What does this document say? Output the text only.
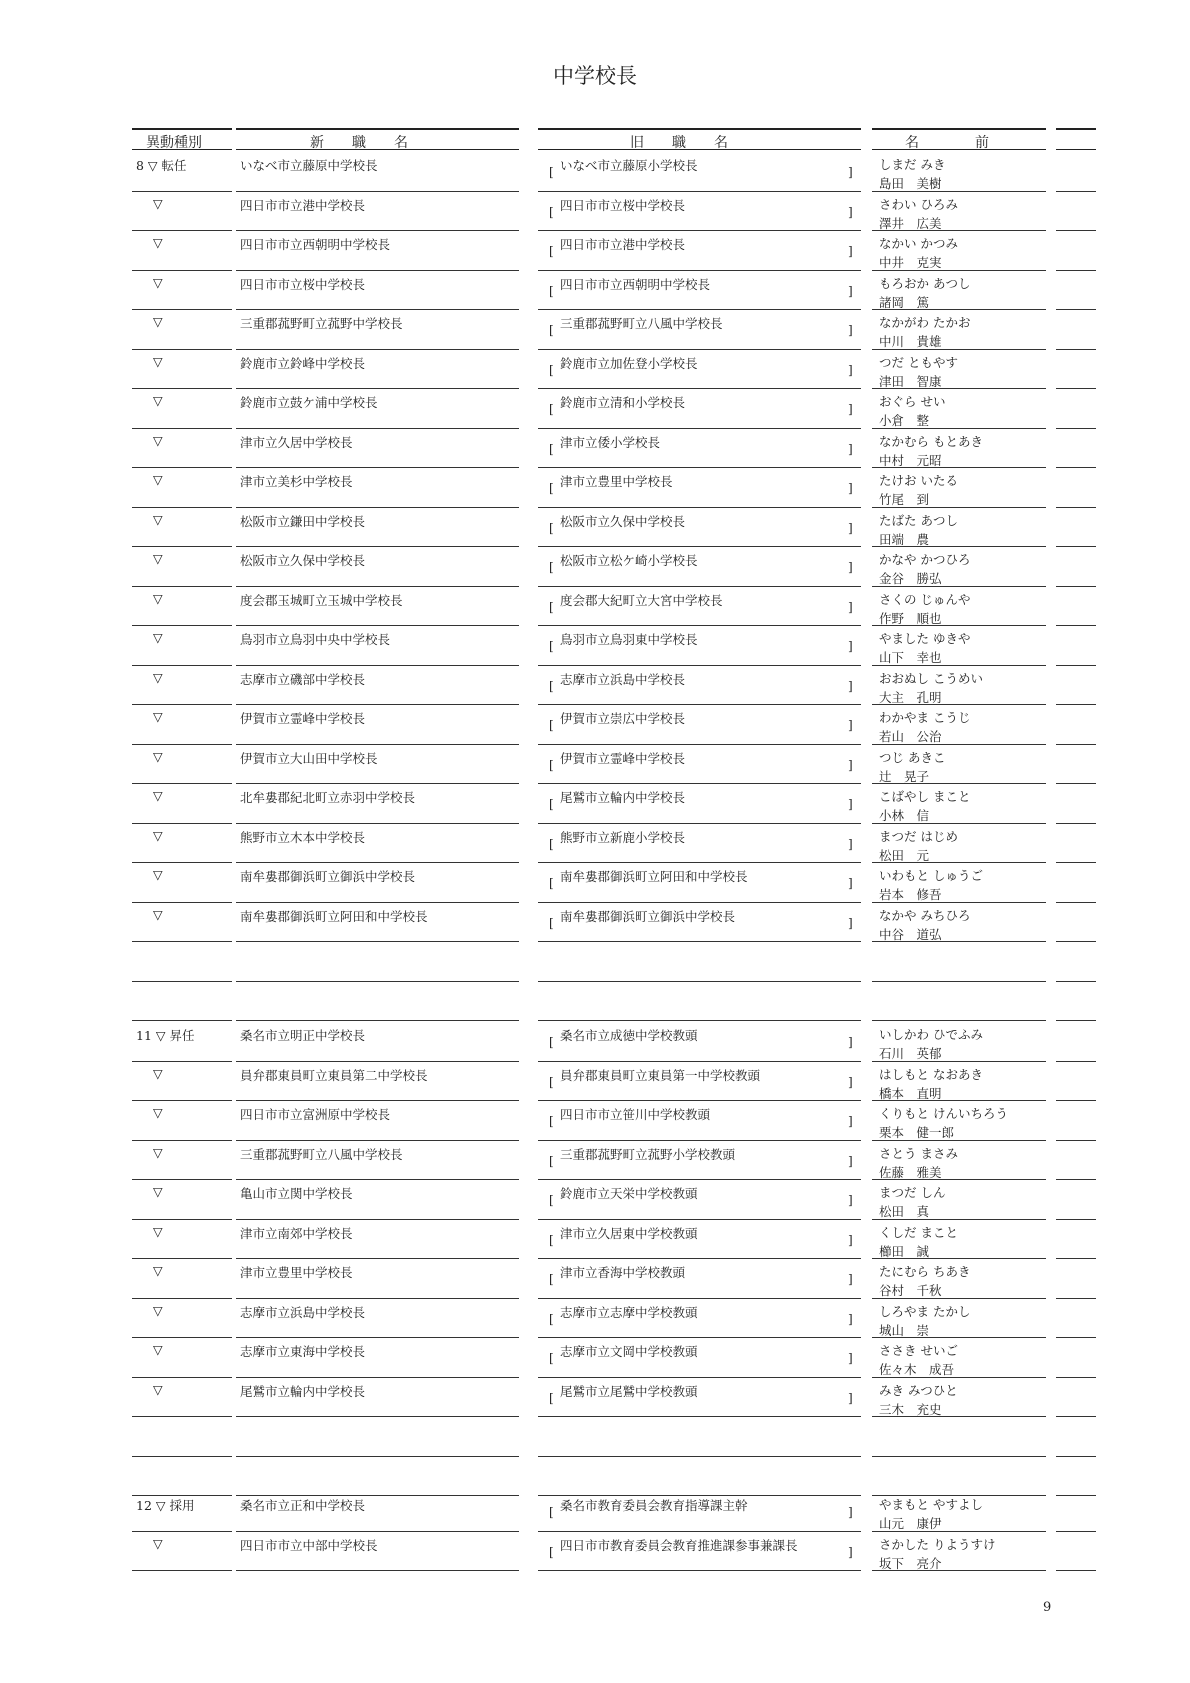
中学校長
異動種別	新　　職　　名	旧　　職　　名	名　　　　前
8 ▽ 転任	いなべ市立藤原中学校長	いなべ市立藤原小学校長	しまだ みき
島田　美樹
[	]
▽	四日市市立港中学校長	四日市市立桜中学校長	さわい ひろみ
澤井　広美
[	]
▽	四日市市立西朝明中学校長	四日市市立港中学校長	なかい かつみ
中井　克実
[	]
▽	四日市市立桜中学校長	四日市市立西朝明中学校長	もろおか あつし
諸岡　篤
[	]
▽	三重郡菰野町立菰野中学校長	三重郡菰野町立八風中学校長	なかがわ たかお
中川　貴雄
[	]
▽	鈴鹿市立鈴峰中学校長	鈴鹿市立加佐登小学校長	つだ ともやす
津田　智康
[	]
▽	鈴鹿市立鼓ケ浦中学校長	鈴鹿市立清和小学校長	おぐら せい
小倉　整
[	]
▽	津市立久居中学校長	津市立倭小学校長	なかむら もとあき
中村　元昭
[	]
▽	津市立美杉中学校長	津市立豊里中学校長	たけお いたる
竹尾　到
[	]
▽	松阪市立鎌田中学校長	松阪市立久保中学校長	たばた あつし
田端　農
[	]
▽	松阪市立久保中学校長	松阪市立松ケ崎小学校長	かなや かつひろ
金谷　勝弘
[	]
▽	度会郡玉城町立玉城中学校長	度会郡大紀町立大宮中学校長	さくの じゅんや
作野　順也
[	]
▽	鳥羽市立鳥羽中央中学校長	鳥羽市立鳥羽東中学校長	やました ゆきや
山下　幸也
[	]
▽	志摩市立磯部中学校長	志摩市立浜島中学校長	おおぬし こうめい
大主　孔明
[	]
▽	伊賀市立霊峰中学校長	伊賀市立崇広中学校長	わかやま こうじ
若山　公治
[	]
▽	伊賀市立大山田中学校長	伊賀市立霊峰中学校長	つじ あきこ
辻　晃子
[	]
▽	北牟婁郡紀北町立赤羽中学校長	尾鷲市立輪内中学校長	こばやし まこと
小林　信
[	]
▽	熊野市立木本中学校長	熊野市立新鹿小学校長	まつだ はじめ
松田　元
[	]
▽	南牟婁郡御浜町立御浜中学校長	南牟婁郡御浜町立阿田和中学校長	いわもと しゅうご
岩本　修吾
[	]
▽	南牟婁郡御浜町立阿田和中学校長	南牟婁郡御浜町立御浜中学校長	なかや みちひろ
中谷　道弘
[	]
11 ▽ 昇任	桑名市立明正中学校長	桑名市立成徳中学校教頭	いしかわ ひでふみ
石川　英郁
[	]
▽	員弁郡東員町立東員第二中学校長	員弁郡東員町立東員第一中学校教頭	はしもと なおあき
橋本　直明
[	]
▽	四日市市立富洲原中学校長	四日市市立笹川中学校教頭	くりもと けんいちろう
栗本　健一郎
[	]
▽	三重郡菰野町立八風中学校長	三重郡菰野町立菰野小学校教頭	さとう まさみ
佐藤　雅美
[	]
▽	亀山市立関中学校長	鈴鹿市立天栄中学校教頭	まつだ しん
松田　真
[	]
▽	津市立南郊中学校長	津市立久居東中学校教頭	くしだ まこと
櫛田　誠
[	]
▽	津市立豊里中学校長	津市立香海中学校教頭	たにむら ちあき
谷村　千秋
[	]
▽	志摩市立浜島中学校長	志摩市立志摩中学校教頭	しろやま たかし
城山　崇
[	]
▽	志摩市立東海中学校長	志摩市立文岡中学校教頭	ささき せいご
佐々木　成吾
[	]
▽	尾鷲市立輪内中学校長	尾鷲市立尾鷲中学校教頭	みき みつひと
三木　充史
[	]
12 ▽ 採用	桑名市立正和中学校長	桑名市教育委員会教育指導課主幹	やまもと やすよし
山元　康伊
[	]
▽	四日市市立中部中学校長	四日市市教育委員会教育推進課参事兼課長	さかした りようすけ
坂下　亮介
[	]
9
